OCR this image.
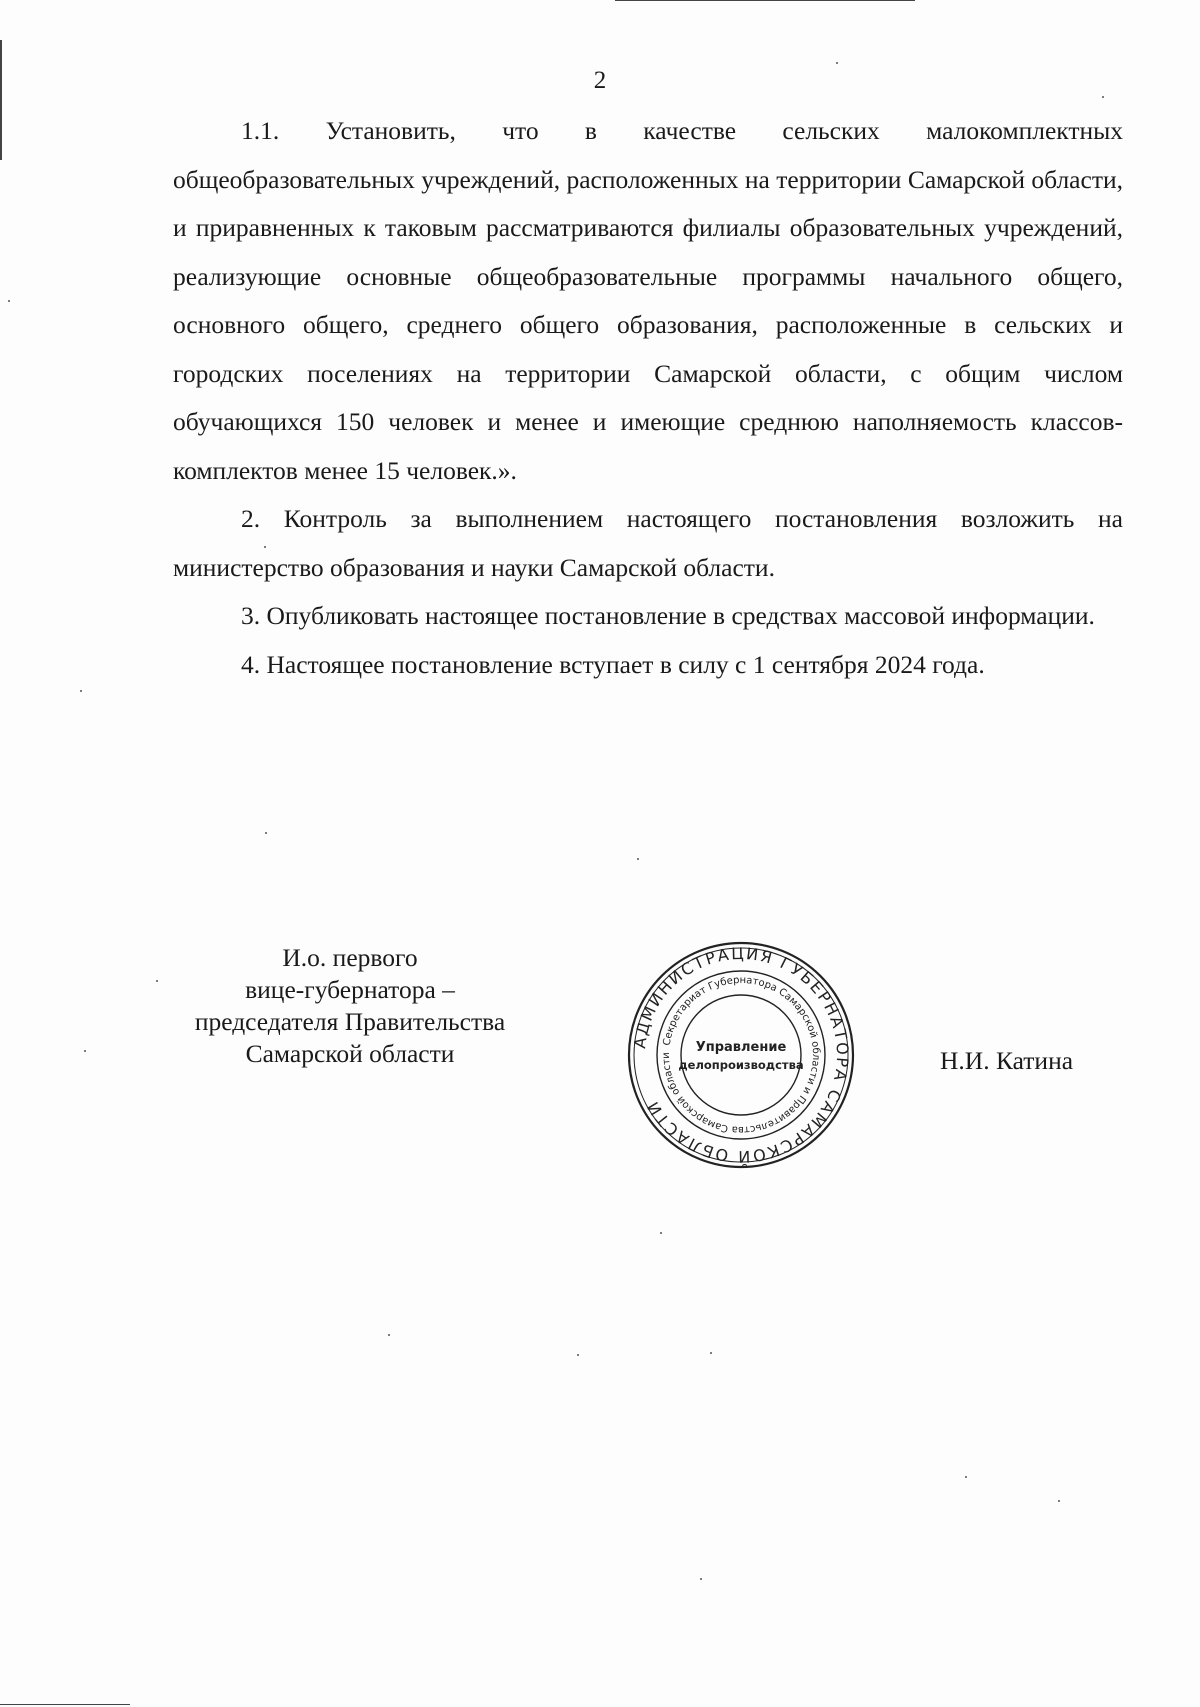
2

1.1. Установить, что в качестве сельских малокомплектных общеобразовательных учреждений, расположенных на территории Самарской области, и приравненных к таковым рассматриваются филиалы образовательных учреждений, реализующие основные общеобразовательные программы начального общего, основного общего, среднего общего образования, расположенные в сельских и городских поселениях на территории Самарской области, с общим числом обучающихся 150 человек и менее и имеющие среднюю наполняемость классов-комплектов менее 15 человек.».

2. Контроль за выполнением настоящего постановления возложить на министерство образования и науки Самарской области.

3. Опубликовать настоящее постановление в средствах массовой информации.

4. Настоящее постановление вступает в силу с 1 сентября 2024 года.

И.о. первого
вице-губернатора –
председателя Правительства
Самарской области	АДМИНИСТРАЦИЯ ГУБЕРНАТОРА САМАРСКОЙ ОБЛАСТИ
Секретариат Губернатора Самарской области и Правительства Самарской области
Управление
делопроизводства	Н.И. Катина
